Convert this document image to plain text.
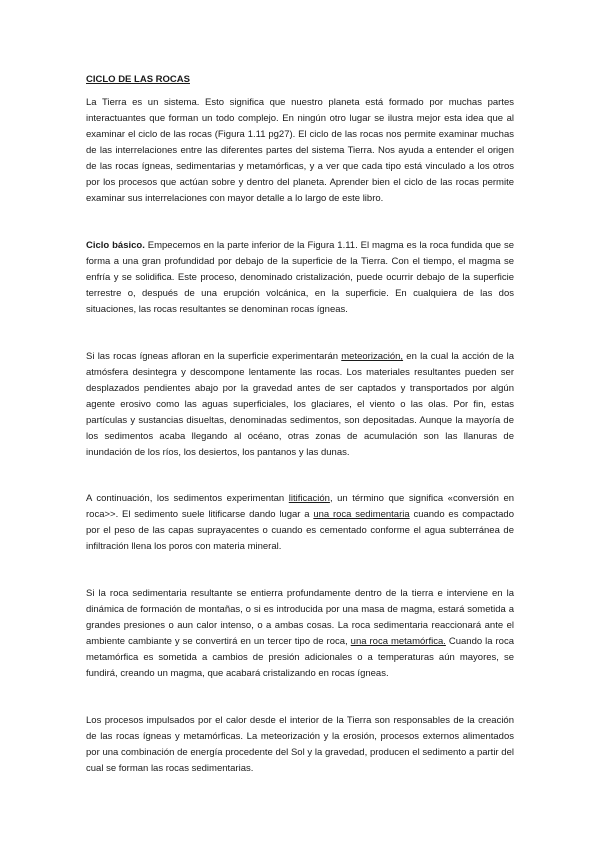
CICLO DE LAS ROCAS

La Tierra es un sistema. Esto significa que nuestro planeta está formado por muchas partes interactuantes que forman un todo complejo. En ningún otro lugar se ilustra mejor esta idea que al examinar el ciclo de las rocas (Figura 1.11 pg27). El ciclo de las rocas nos permite examinar muchas de las interrelaciones entre las diferentes partes del sistema Tierra. Nos ayuda a entender el origen de las rocas ígneas, sedimentarias y metamórficas, y a ver que cada tipo está vinculado a los otros por los procesos que actúan sobre y dentro del planeta. Aprender bien el ciclo de las rocas permite examinar sus interrelaciones con mayor detalle a lo largo de este libro.

Ciclo básico. Empecemos en la parte inferior de la Figura 1.11. El magma es la roca fundida que se forma a una gran profundidad por debajo de la superficie de la Tierra. Con el tiempo, el magma se enfría y se solidifica. Este proceso, denominado cristalización, puede ocurrir debajo de la superficie terrestre o, después de una erupción volcánica, en la superficie. En cualquiera de las dos situaciones, las rocas resultantes se denominan rocas ígneas.

Si las rocas ígneas afloran en la superficie experimentarán meteorización, en la cual la acción de la atmósfera desintegra y descompone lentamente las rocas. Los materiales resultantes pueden ser desplazados pendientes abajo por la gravedad antes de ser captados y transportados por algún agente erosivo como las aguas superficiales, los glaciares, el viento o las olas. Por fin, estas partículas y sustancias disueltas, denominadas sedimentos, son depositadas. Aunque la mayoría de los sedimentos acaba llegando al océano, otras zonas de acumulación son las llanuras de inundación de los ríos, los desiertos, los pantanos y las dunas.

A continuación, los sedimentos experimentan litificación, un término que significa «conversión en roca>>. El sedimento suele litificarse dando lugar a una roca sedimentaria cuando es compactado por el peso de las capas suprayacentes o cuando es cementado conforme el agua subterránea de infiltración llena los poros con materia mineral.

Si la roca sedimentaria resultante se entierra profundamente dentro de la tierra e interviene en la dinámica de formación de montañas, o si es introducida por una masa de magma, estará sometida a grandes presiones o aun calor intenso, o a ambas cosas. La roca sedimentaria reaccionará ante el ambiente cambiante y se convertirá en un tercer tipo de roca, una roca metamórfica. Cuando la roca metamórfica es sometida a cambios de presión adicionales o a temperaturas aún mayores, se fundirá, creando un magma, que acabará cristalizando en rocas ígneas.

Los procesos impulsados por el calor desde el interior de la Tierra son responsables de la creación de las rocas ígneas y metamórficas. La meteorización y la erosión, procesos externos alimentados por una combinación de energía procedente del Sol y la gravedad, producen el sedimento a partir del cual se forman las rocas sedimentarias.
